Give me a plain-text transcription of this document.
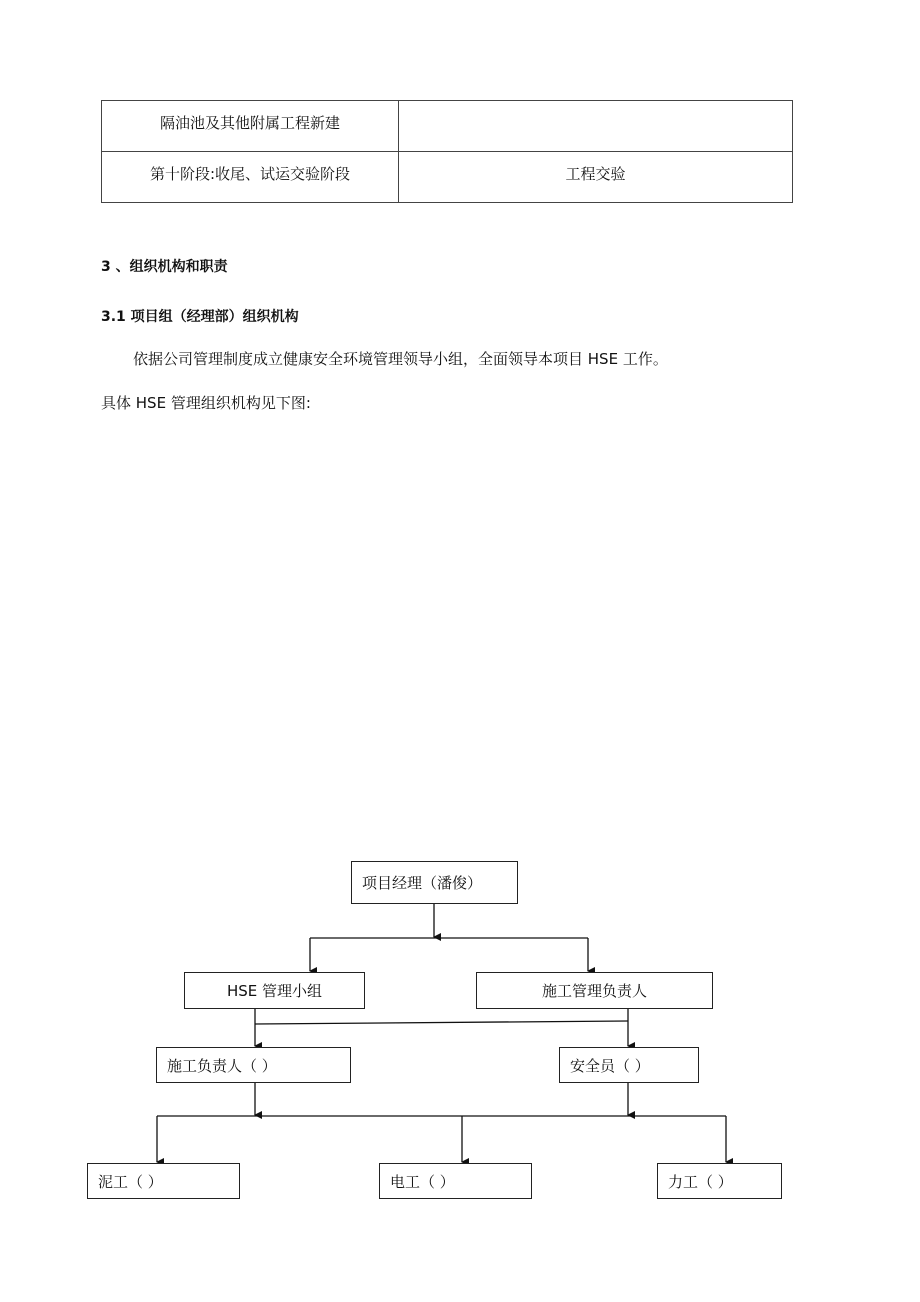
隔油池及其他附属工程新建	
第十阶段:收尾、试运交验阶段	工程交验
3 、组织机构和职责
3.1 项目组（经理部）组织机构
依据公司管理制度成立健康安全环境管理领导小组，全面领导本项目 HSE 工作。
具体 HSE 管理组织机构见下图:
项目经理（潘俊）
HSE 管理小组	施工管理负责人
施工负责人（ ）	安全员（ ）
泥工（ ）	电工（ ）	力工（ ）
